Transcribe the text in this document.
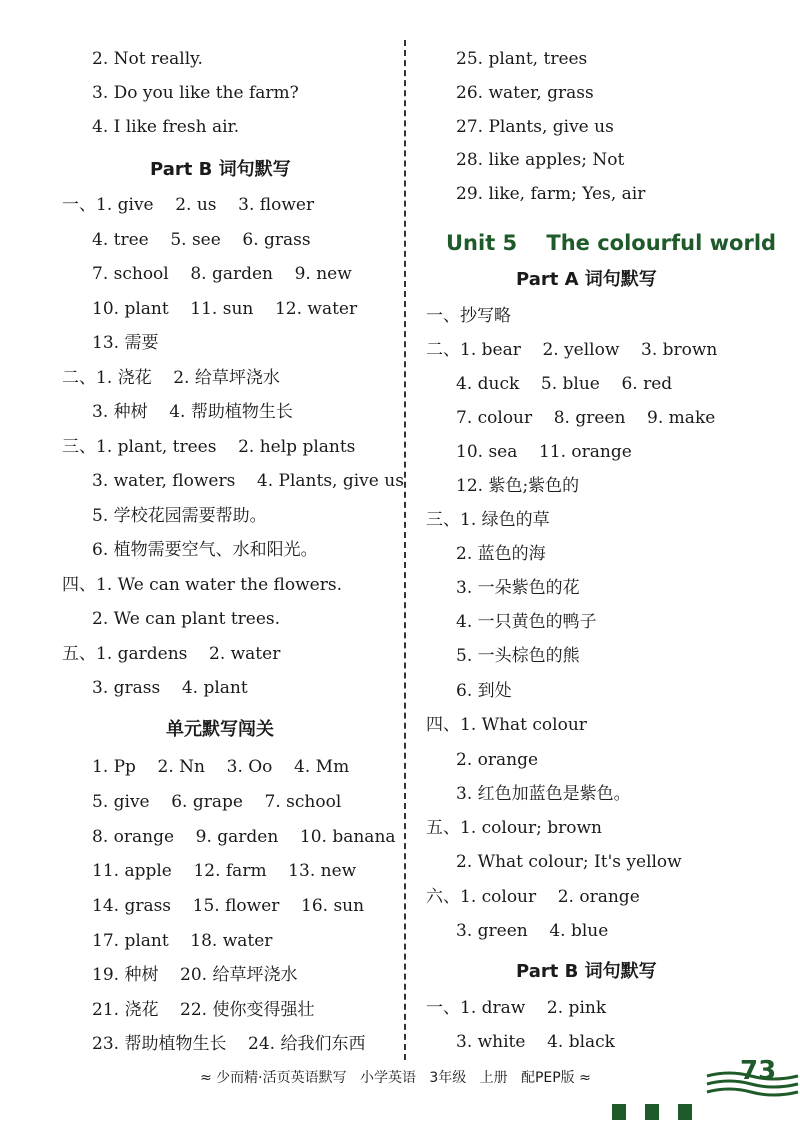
2. Not really.
3. Do you like the farm?
4. I like fresh air.
Part B 词句默写
一、1. give    2. us    3. flower
4. tree    5. see    6. grass
7. school    8. garden    9. new
10. plant    11. sun    12. water
13. 需要
二、1. 浇花    2. 给草坪浇水
3. 种树    4. 帮助植物生长
三、1. plant, trees    2. help plants
3. water, flowers    4. Plants, give us
5. 学校花园需要帮助。
6. 植物需要空气、水和阳光。
四、1. We can water the flowers.
2. We can plant trees.
五、1. gardens    2. water
3. grass    4. plant
单元默写闯关
1. Pp    2. Nn    3. Oo    4. Mm
5. give    6. grape    7. school
8. orange    9. garden    10. banana
11. apple    12. farm    13. new
14. grass    15. flower    16. sun
17. plant    18. water
19. 种树    20. 给草坪浇水
21. 浇花    22. 使你变得强壮
23. 帮助植物生长    24. 给我们东西
25. plant, trees
26. water, grass
27. Plants, give us
28. like apples; Not
29. like, farm; Yes, air
Unit 5    The colourful world
Part A 词句默写
一、抄写略
二、1. bear    2. yellow    3. brown
4. duck    5. blue    6. red
7. colour    8. green    9. make
10. sea    11. orange
12. 紫色;紫色的
三、1. 绿色的草
2. 蓝色的海
3. 一朵紫色的花
4. 一只黄色的鸭子
5. 一头棕色的熊
6. 到处
四、1. What colour
2. orange
3. 红色加蓝色是紫色。
五、1. colour; brown
2. What colour; It's yellow
六、1. colour    2. orange
3. green    4. blue
Part B 词句默写
一、1. draw    2. pink
3. white    4. black
≈ 少而精·活页英语默写   小学英语   3年级   上册   配PEP版 ≈	73
